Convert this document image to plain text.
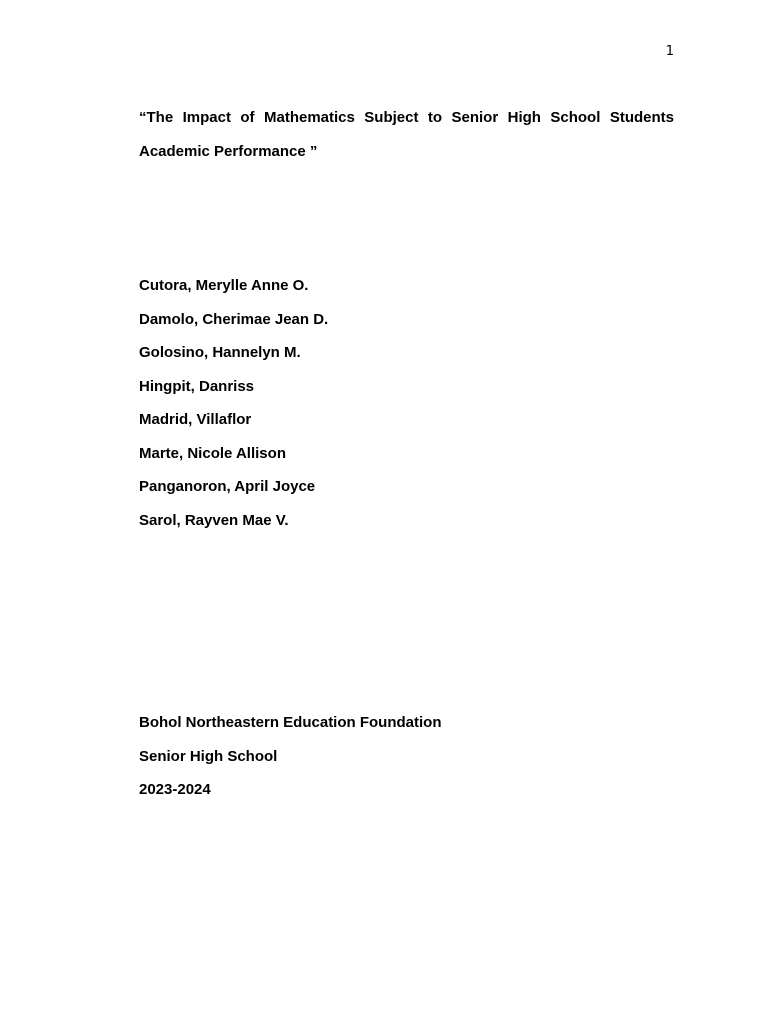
1

“The Impact of Mathematics Subject to Senior High School Students Academic Performance ”

Cutora, Merylle Anne O.
Damolo, Cherimae Jean D.
Golosino, Hannelyn M.
Hingpit, Danriss
Madrid, Villaflor
Marte, Nicole Allison
Panganoron, April Joyce
Sarol, Rayven Mae V.
Bohol Northeastern Education Foundation
Senior High School
2023-2024
